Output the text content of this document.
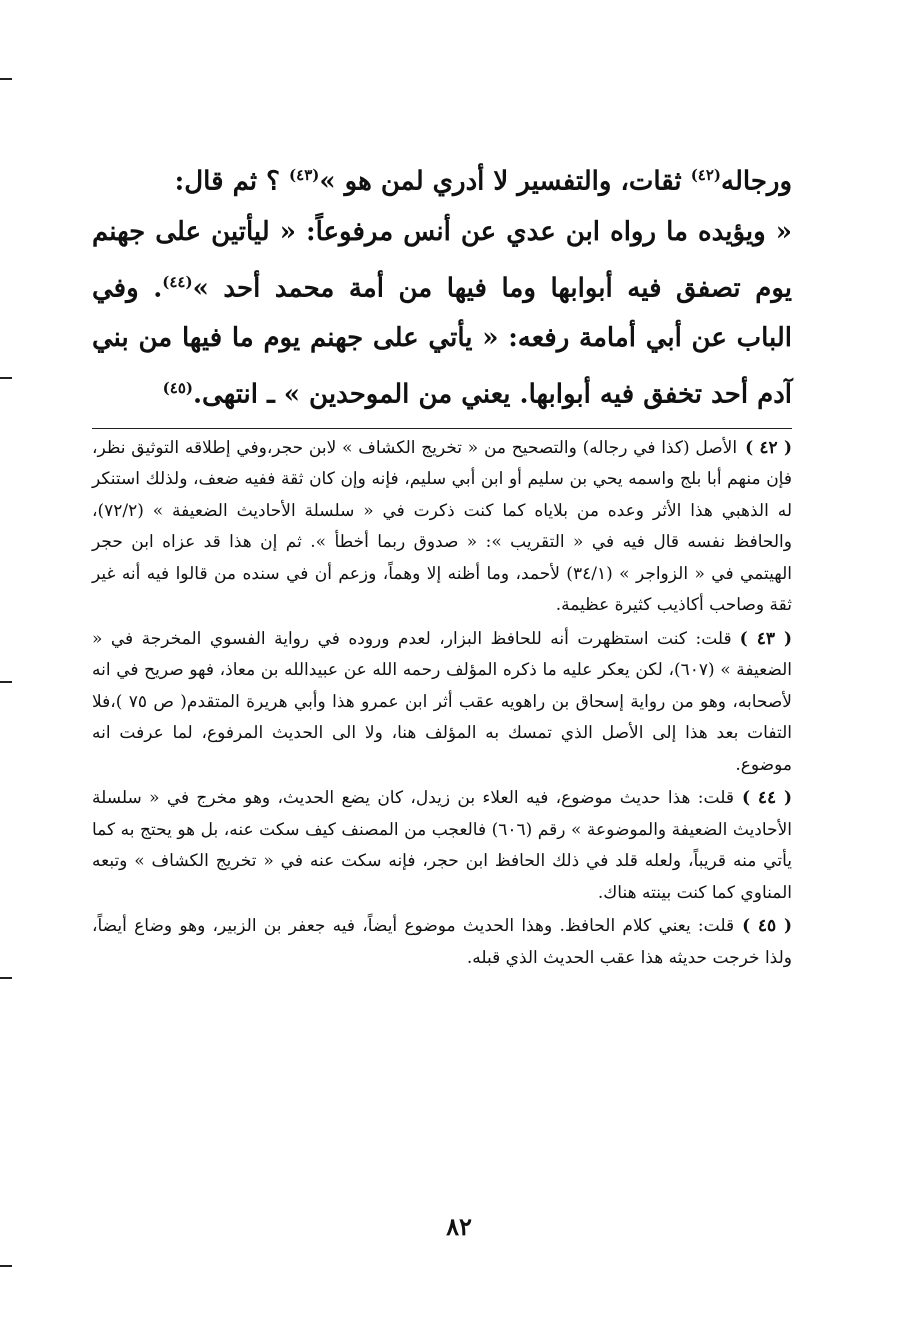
ورجاله$^{(٤٢)}$ ثقات، والتفسير لا أدري لمن هو »$^{(٤٣)}$ ؟ ثم قال:

« ويؤيده ما رواه ابن عدي عن أنس مرفوعاً: « ليأتين على جهنم يوم تصفق فيه أبوابها وما فيها من أمة محمد أحد »$^{(٤٤)}$. وفي الباب عن أبي أمامة رفعه: « يأتي على جهنم يوم ما فيها من بني آدم أحد تخفق فيه أبوابها. يعني من الموحدين » ـ انتهى.$^{(٤٥)}$

( ٤٢ )الأصل (كذا في رجاله) والتصحيح من « تخريج الكشاف » لابن حجر،وفي إطلاقه التوثيق نظر، فإن منهم أبا بلج واسمه يحي بن سليم أو ابن أبي سليم، فإنه وإن كان ثقة ففيه ضعف، ولذلك استنكر له الذهبي هذا الأثر وعده من بلاياه كما كنت ذكرت في « سلسلة الأحاديث الضعيفة » (٧٢/٢)، والحافظ نفسه قال فيه في « التقريب »: « صدوق ربما أخطأ ». ثم إن هذا قد عزاه ابن حجر الهيتمي في « الزواجر » (٣٤/١) لأحمد، وما أظنه إلا وهماً، وزعم أن في سنده من قالوا فيه أنه غير ثقة وصاحب أكاذيب كثيرة عظيمة.

( ٤٣ )قلت: كنت استظهرت أنه للحافظ البزار، لعدم وروده في رواية الفسوي المخرجة في « الضعيفة » (٦٠٧)، لكن يعكر عليه ما ذكره المؤلف رحمه الله عن عبيدالله بن معاذ، فهو صريح في انه لأصحابه، وهو من رواية إسحاق بن راهويه عقب أثر ابن عمرو هذا وأبي هريرة المتقدم( ص ٧٥ )،فلا التفات بعد هذا إلى الأصل الذي تمسك به المؤلف هنا، ولا الى الحديث المرفوع، لما عرفت انه موضوع.

( ٤٤ )قلت: هذا حديث موضوع، فيه العلاء بن زيدل، كان يضع الحديث، وهو مخرج في « سلسلة الأحاديث الضعيفة والموضوعة » رقم (٦٠٦) فالعجب من المصنف كيف سكت عنه، بل هو يحتج به كما يأتي منه قريباً، ولعله قلد في ذلك الحافظ ابن حجر، فإنه سكت عنه في « تخريج الكشاف » وتبعه المناوي كما كنت بينته هناك.

( ٤٥ )قلت: يعني كلام الحافظ. وهذا الحديث موضوع أيضاً، فيه جعفر بن الزبير، وهو وضاع أيضاً، ولذا خرجت حديثه هذا عقب الحديث الذي قبله.

٨٢
